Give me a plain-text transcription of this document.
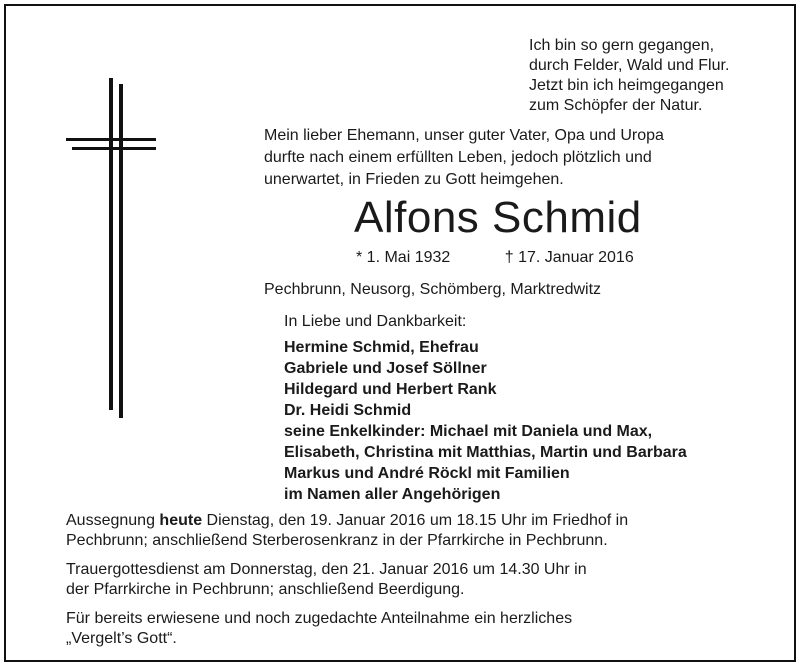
Ich bin so gern gegangen,
durch Felder, Wald und Flur.
Jetzt bin ich heimgegangen
zum Schöpfer der Natur.
Mein lieber Ehemann, unser guter Vater, Opa und Uropa
durfte nach einem erfüllten Leben, jedoch plötzlich und
unerwartet, in Frieden zu Gott heimgehen.
Alfons Schmid
* 1. Mai 1932	† 17. Januar 2016
Pechbrunn, Neusorg, Schömberg, Marktredwitz
In Liebe und Dankbarkeit:
Hermine Schmid, Ehefrau
Gabriele und Josef Söllner
Hildegard und Herbert Rank
Dr. Heidi Schmid
seine Enkelkinder: Michael mit Daniela und Max,
Elisabeth, Christina mit Matthias, Martin und Barbara
Markus und André Röckl mit Familien
im Namen aller Angehörigen

Aussegnung heute Dienstag, den 19. Januar 2016 um 18.15 Uhr im Friedhof in
Pechbrunn; anschließend Sterberosenkranz in der Pfarrkirche in Pechbrunn.

Trauergottesdienst am Donnerstag, den 21. Januar 2016 um 14.30 Uhr in
der Pfarrkirche in Pechbrunn; anschließend Beerdigung.

Für bereits erwiesene und noch zugedachte Anteilnahme ein herzliches
„Vergelt’s Gott“.
